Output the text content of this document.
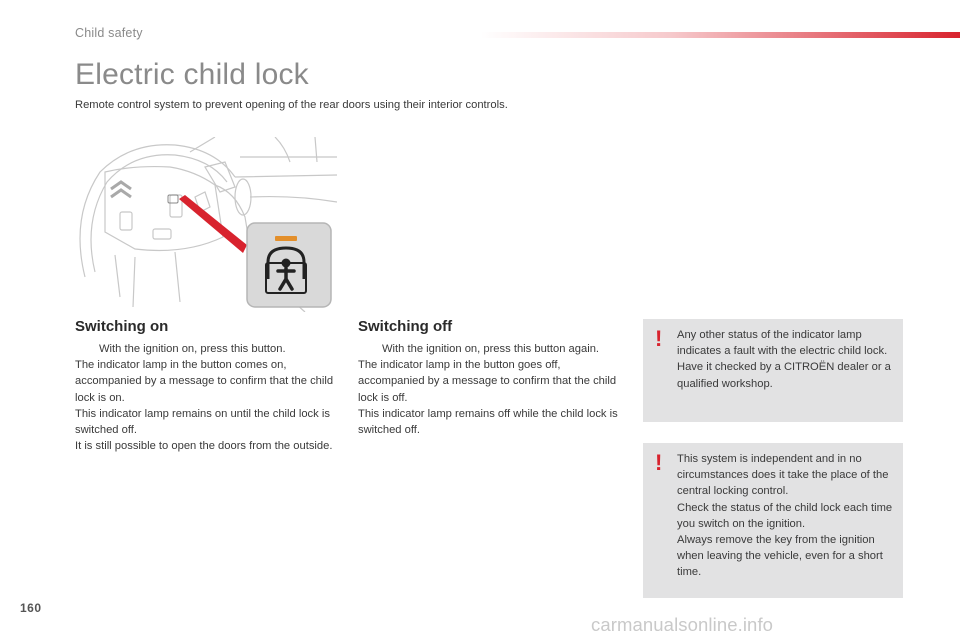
Child safety
Electric child lock

Remote control system to prevent opening of the rear doors using their interior controls.

Switching on
With the ignition on, press this button.

The indicator lamp in the button comes on, accompanied by a message to confirm that the child lock is on.

This indicator lamp remains on until the child lock is switched off.

It is still possible to open the doors from the outside.

Switching off
With the ignition on, press this button again.

The indicator lamp in the button goes off, accompanied by a message to confirm that the child lock is off.

This indicator lamp remains off while the child lock is switched off.

! Any other status of the indicator lamp indicates a fault with the electric child lock.

Have it checked by a CITROËN dealer or a qualified workshop.

! This system is independent and in no circumstances does it take the place of the central locking control.

Check the status of the child lock each time you switch on the ignition.

Always remove the key from the ignition when leaving the vehicle, even for a short time.

160
carmanualsonline.info
